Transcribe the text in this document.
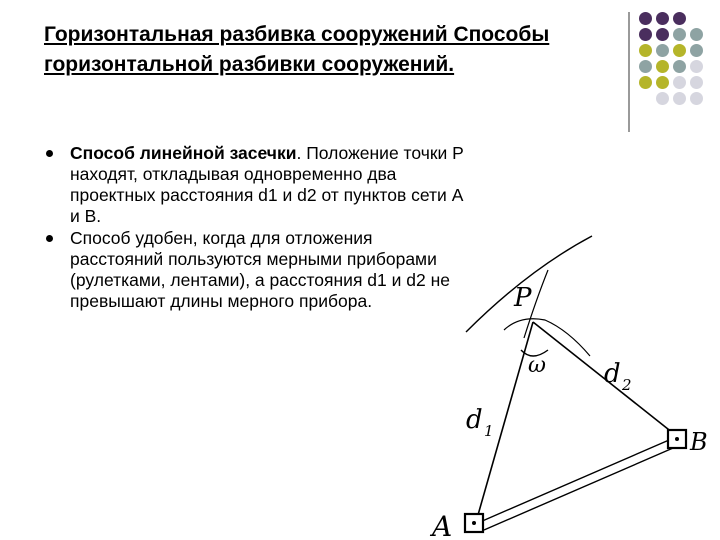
Горизонтальная разбивка сооружений Способы горизонтальной разбивки сооружений.
Способ линейной засечки. Положение точки P находят, откладывая одновременно два проектных расстояния d1 и d2 от пунктов сети A и B.
Способ удобен, когда для отложения расстояний пользуются мерными приборами (рулетками, лентами), а расстояния d1 и d2 не превышают длины мерного прибора.	P
A
B
ω
d 1
d 2
